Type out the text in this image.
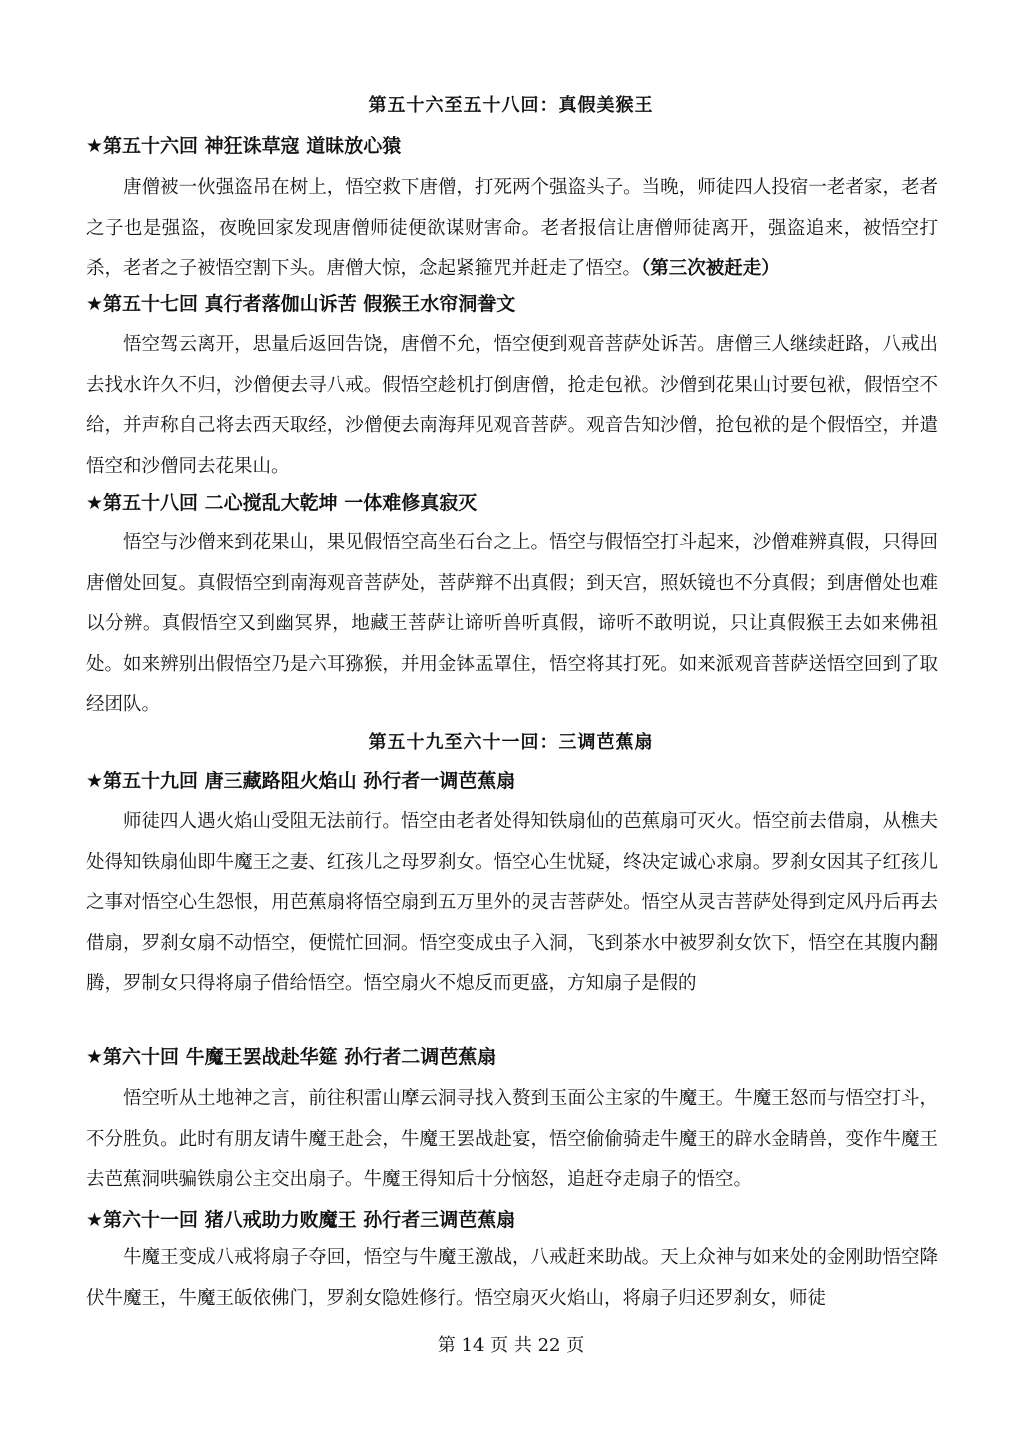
第五十六至五十八回：真假美猴王
★第五十六回 神狂诛草寇 道昧放心猿

唐僧被一伙强盗吊在树上，悟空救下唐僧，打死两个强盗头子。当晚，师徒四人投宿一老者家，老者之子也是强盗，夜晚回家发现唐僧师徒便欲谋财害命。老者报信让唐僧师徒离开，强盗追来，被悟空打杀，老者之子被悟空割下头。唐僧大惊，念起紧箍咒并赶走了悟空。（第三次被赶走）

★第五十七回 真行者落伽山诉苦 假猴王水帘洞誊文

悟空驾云离开，思量后返回告饶，唐僧不允，悟空便到观音菩萨处诉苦。唐僧三人继续赶路，八戒出去找水许久不归，沙僧便去寻八戒。假悟空趁机打倒唐僧，抢走包袱。沙僧到花果山讨要包袱，假悟空不给，并声称自己将去西天取经，沙僧便去南海拜见观音菩萨。观音告知沙僧，抢包袱的是个假悟空，并遣悟空和沙僧同去花果山。

★第五十八回 二心搅乱大乾坤 一体难修真寂灭

悟空与沙僧来到花果山，果见假悟空高坐石台之上。悟空与假悟空打斗起来，沙僧难辨真假，只得回唐僧处回复。真假悟空到南海观音菩萨处，菩萨辩不出真假；到天宫，照妖镜也不分真假；到唐僧处也难以分辨。真假悟空又到幽冥界，地藏王菩萨让谛听兽听真假，谛听不敢明说，只让真假猴王去如来佛祖处。如来辨别出假悟空乃是六耳猕猴，并用金钵盂罩住，悟空将其打死。如来派观音菩萨送悟空回到了取经团队。

第五十九至六十一回：三调芭蕉扇
★第五十九回 唐三藏路阻火焰山 孙行者一调芭蕉扇

师徒四人遇火焰山受阻无法前行。悟空由老者处得知铁扇仙的芭蕉扇可灭火。悟空前去借扇，从樵夫处得知铁扇仙即牛魔王之妻、红孩儿之母罗刹女。悟空心生忧疑，终决定诚心求扇。罗刹女因其子红孩儿之事对悟空心生怨恨，用芭蕉扇将悟空扇到五万里外的灵吉菩萨处。悟空从灵吉菩萨处得到定风丹后再去借扇，罗刹女扇不动悟空，便慌忙回洞。悟空变成虫子入洞，飞到茶水中被罗刹女饮下，悟空在其腹内翻腾，罗制女只得将扇子借给悟空。悟空扇火不熄反而更盛，方知扇子是假的

★第六十回 牛魔王罢战赴华筵 孙行者二调芭蕉扇

悟空听从土地神之言，前往积雷山摩云洞寻找入赘到玉面公主家的牛魔王。牛魔王怒而与悟空打斗，不分胜负。此时有朋友请牛魔王赴会，牛魔王罢战赴宴，悟空偷偷骑走牛魔王的辟水金睛兽，变作牛魔王去芭蕉洞哄骗铁扇公主交出扇子。牛魔王得知后十分恼怒，追赶夺走扇子的悟空。

★第六十一回 猪八戒助力败魔王 孙行者三调芭蕉扇

牛魔王变成八戒将扇子夺回，悟空与牛魔王激战，八戒赶来助战。天上众神与如来处的金刚助悟空降伏牛魔王，牛魔王皈依佛门，罗刹女隐姓修行。悟空扇灭火焰山，将扇子归还罗刹女，师徒

第 14 页 共 22 页
